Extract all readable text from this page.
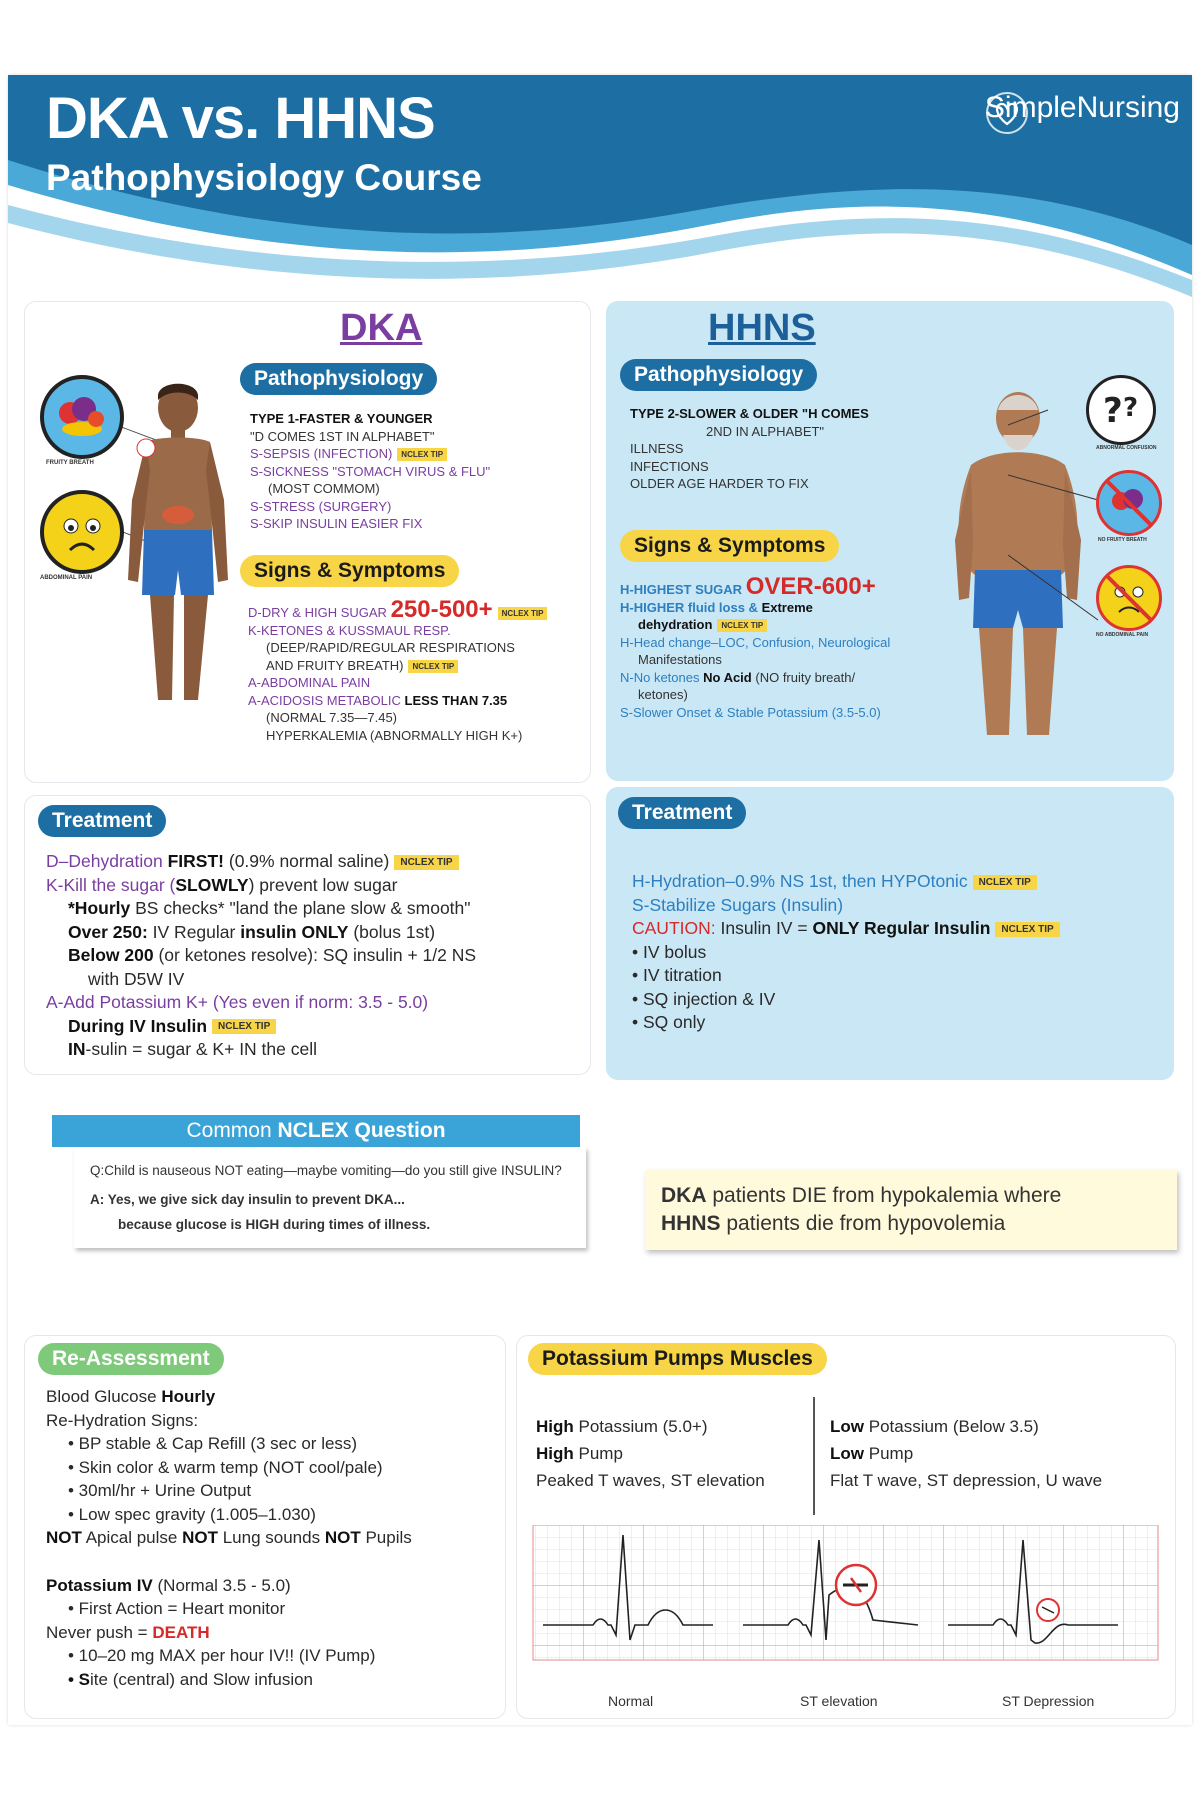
DKA vs. HHNS
Pathophysiology Course
SimpleNursing
DKA
FRUITY BREATH
ABDOMINAL PAIN
Pathophysiology

TYPE 1-FASTER & YOUNGER

"D COMES 1ST IN ALPHABET"

S-SEPSIS (INFECTION) NCLEX TIP

S-SICKNESS "STOMACH VIRUS & FLU"

(MOST COMMOM)

S-STRESS (SURGERY)

S-SKIP INSULIN EASIER FIX

Signs & Symptoms

D-DRY & HIGH SUGAR 250-500+ NCLEX TIP

K-KETONES & KUSSMAUL RESP.

(DEEP/RAPID/REGULAR RESPIRATIONS

AND FRUITY BREATH) NCLEX TIP

A-ABDOMINAL PAIN

A-ACIDOSIS METABOLIC LESS THAN 7.35

(NORMAL 7.35—7.45)

HYPERKALEMIA (ABNORMALLY HIGH K+)

HHNS
Pathophysiology

TYPE 2-SLOWER & OLDER "H COMES

2ND IN ALPHABET"

ILLNESS

INFECTIONS

OLDER AGE HARDER TO FIX

Signs & Symptoms

H-HIGHEST SUGAR OVER-600+

H-HIGHER fluid loss & Extreme

dehydration NCLEX TIP

H-Head change–LOC, Confusion, Neurological

Manifestations

N-No ketones No Acid (NO fruity breath/

ketones)

S-Slower Onset & Stable Potassium (3.5-5.0)

? ?
ABNORMAL CONFUSION
NO FRUITY BREATH
NO ABDOMINAL PAIN
Treatment

D–Dehydration FIRST! (0.9% normal saline) NCLEX TIP

K-Kill the sugar (SLOWLY) prevent low sugar

*Hourly BS checks* "land the plane slow & smooth"

Over 250: IV Regular insulin ONLY (bolus 1st)

Below 200 (or ketones resolve): SQ insulin + 1/2 NS

with D5W IV

A-Add Potassium K+ (Yes even if norm: 3.5 - 5.0)

During IV Insulin NCLEX TIP

IN-sulin = sugar & K+ IN the cell

Treatment

H-Hydration–0.9% NS 1st, then HYPOtonic NCLEX TIP

S-Stabilize Sugars (Insulin)

CAUTION: Insulin IV = ONLY Regular Insulin NCLEX TIP

• IV bolus

• IV titration

• SQ injection & IV

• SQ only

Common NCLEX Question

Q:Child is nauseous NOT eating—maybe vomiting—do you still give INSULIN?

A: Yes, we give sick day insulin to prevent DKA...

because glucose is HIGH during times of illness.

DKA patients DIE from hypokalemia where

HHNS patients die from hypovolemia

Re-Assessment

Blood Glucose Hourly

Re-Hydration Signs:

• BP stable & Cap Refill (3 sec or less)

• Skin color & warm temp (NOT cool/pale)

• 30ml/hr + Urine Output

• Low spec gravity (1.005–1.030)

NOT Apical pulse NOT Lung sounds NOT Pupils

Potassium IV (Normal 3.5 - 5.0)

• First Action = Heart monitor

Never push = DEATH

• 10–20 mg MAX per hour IV!! (IV Pump)

• Site (central) and Slow infusion

Potassium Pumps Muscles

High Potassium (5.0+)

High Pump

Peaked T waves, ST elevation

Low Potassium (Below 3.5)

Low Pump

Flat T wave, ST depression, U wave

Normal	ST elevation	ST Depression
